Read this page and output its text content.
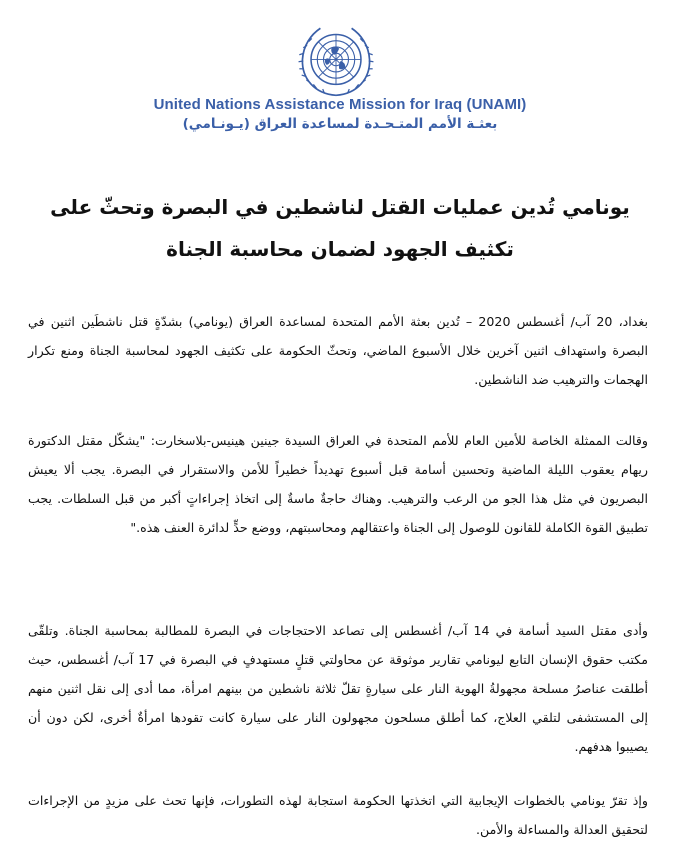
United Nations Assistance Mission for Iraq (UNAMI)
بعثـة الأمم المتـحـدة لمساعدة العراق (يـونـامي)
يونامي تُدين عمليات القتل لناشطين في البصرة وتحثّ على تكثيف الجهود لضمان محاسبة الجناة
بغداد، 20 آب/ أغسطس 2020 – تُدين بعثة الأمم المتحدة لمساعدة العراق (يونامي) بشدّةٍ قتل ناشطَين اثنين في البصرة واستهداف اثنين آخرين خلال الأسبوع الماضي، وتحثّ الحكومة على تكثيف الجهود لمحاسبة الجناة ومنع تكرار الهجمات والترهيب ضد الناشطين.
وقالت الممثلة الخاصة للأمين العام للأمم المتحدة في العراق السيدة جينين هينيس-بلاسخارت: "يشكّل مقتل الدكتورة ريهام يعقوب الليلة الماضية وتحسين أسامة قبل أسبوع تهديداً خطيراً للأمن والاستقرار في البصرة. يجب ألا يعيش البصريون في مثل هذا الجو من الرعب والترهيب. وهناك حاجةٌ ماسةٌ إلى اتخاذ إجراءاتٍ أكبر من قبل السلطات. يجب تطبيق القوة الكاملة للقانون للوصول إلى الجناة واعتقالهم ومحاسبتهم، ووضع حدٍّ لدائرة العنف هذه."
وأدى مقتل السيد أسامة في 14 آب/ أغسطس إلى تصاعد الاحتجاجات في البصرة للمطالبة بمحاسبة الجناة. وتلقّى مكتب حقوق الإنسان التابع ليونامي تقارير موثوقة عن محاولتي قتلٍ مستهدفٍ في البصرة في 17 آب/ أغسطس، حيث أطلقت عناصرُ مسلحة مجهولةُ الهوية النار على سيارةٍ تقلّ ثلاثة ناشطين من بينهم امرأة، مما أدى إلى نقل اثنين منهم إلى المستشفى لتلقي العلاج، كما أطلق مسلحون مجهولون النار على سيارة كانت تقودها امرأةٌ أخرى، لكن دون أن يصيبوا هدفهم.
وإذ تقرّ يونامي بالخطوات الإيجابية التي اتخذتها الحكومة استجابة لهذه التطورات، فإنها تحث على مزيدٍ من الإجراءات لتحقيق العدالة والمساءلة والأمن.
